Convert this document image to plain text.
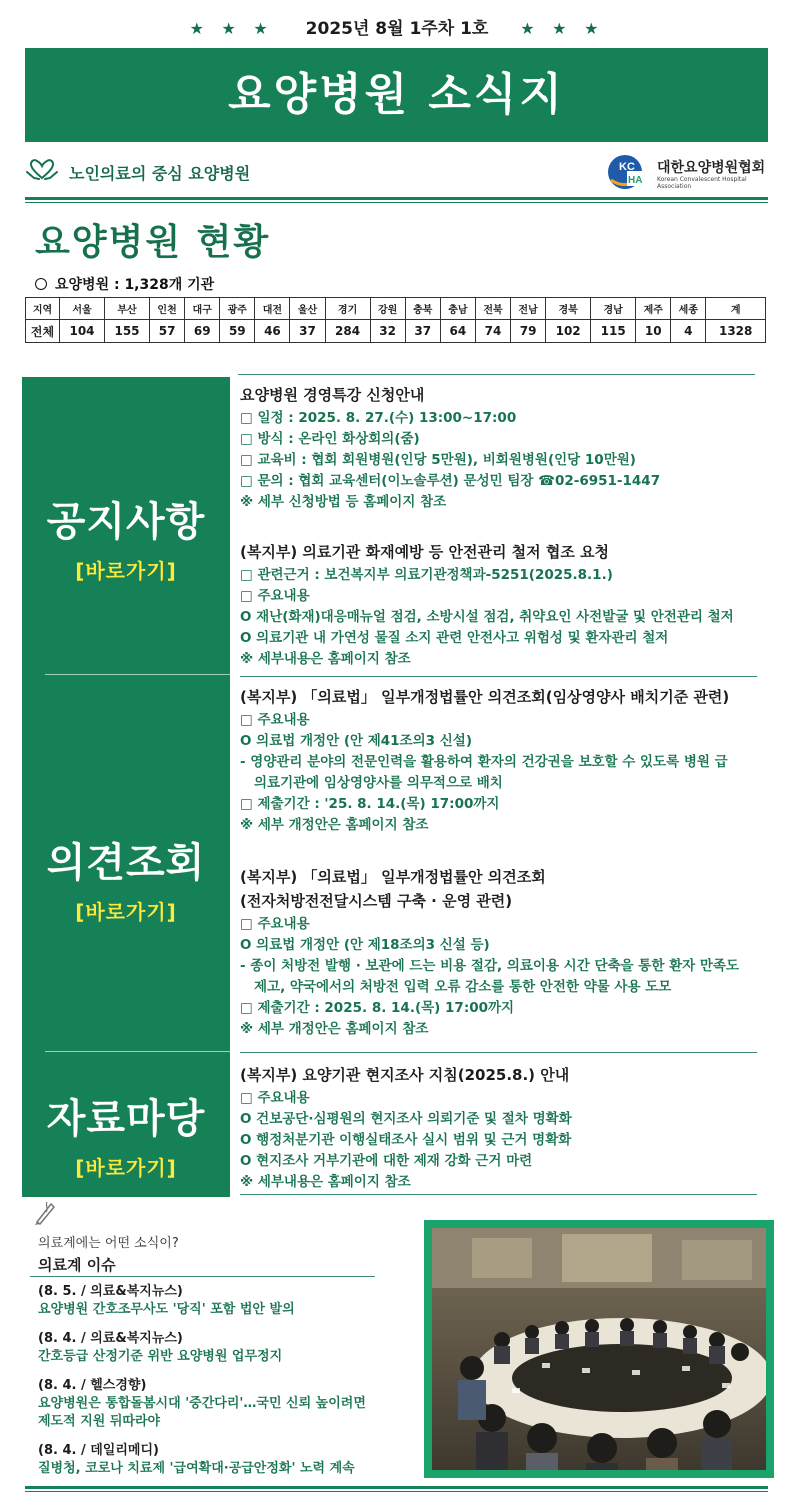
★ ★ ★ 2025년 8월 1주차 1호 ★ ★ ★
요양병원 소식지
노인의료의 중심 요양병원	KC
HA
대한요양병원협회
Korean Convalescent Hospital Association
요양병원 현황
요양병원 : 1,328개 기관
지역	서울	부산	인천	대구	광주	대전	울산	경기	강원	충북	충남	전북	전남	경북	경남	제주	세종	계
전체	104	155	57	69	59	46	37	284	32	37	64	74	79	102	115	10	4	1328
공지사항
[바로가기]
의견조회
[바로가기]
자료마당
[바로가기]
요양병원 경영특강 신청안내
□ 일정 : 2025. 8. 27.(수) 13:00~17:00
□ 방식 : 온라인 화상회의(줌)
□ 교육비 : 협회 회원병원(인당 5만원), 비회원병원(인당 10만원)
□ 문의 : 협회 교육센터(이노솔루션) 문성민 팀장 ☎02-6951-1447
※ 세부 신청방법 등 홈페이지 참조
(복지부) 의료기관 화재예방 등 안전관리 철저 협조 요청
□ 관련근거 : 보건복지부 의료기관정책과-5251(2025.8.1.)
□ 주요내용
O 재난(화재)대응매뉴얼 점검, 소방시설 점검, 취약요인 사전발굴 및 안전관리 철저
O 의료기관 내 가연성 물질 소지 관련 안전사고 위험성 및 환자관리 철저
※ 세부내용은 홈페이지 참조
(복지부) 「의료법」 일부개정법률안 의견조회(임상영양사 배치기준 관련)
□ 주요내용
O 의료법 개정안 (안 제41조의3 신설)
- 영양관리 분야의 전문인력을 활용하여 환자의 건강권을 보호할 수 있도록 병원 급
의료기관에 임상영양사를 의무적으로 배치
□ 제출기간 : '25. 8. 14.(목) 17:00까지
※ 세부 개정안은 홈페이지 참조
(복지부) 「의료법」 일부개정법률안 의견조회
(전자처방전전달시스템 구축 · 운영 관련)
□ 주요내용
O 의료법 개정안 (안 제18조의3 신설 등)
- 종이 처방전 발행 · 보관에 드는 비용 절감, 의료이용 시간 단축을 통한 환자 만족도
제고, 약국에서의 처방전 입력 오류 감소를 통한 안전한 약물 사용 도모
□ 제출기간 : 2025. 8. 14.(목) 17:00까지
※ 세부 개정안은 홈페이지 참조
(복지부) 요양기관 현지조사 지침(2025.8.) 안내
□ 주요내용
O 건보공단·심평원의 현지조사 의뢰기준 및 절차 명확화
O 행정처분기관 이행실태조사 실시 범위 및 근거 명확화
O 현지조사 거부기관에 대한 제재 강화 근거 마련
※ 세부내용은 홈페이지 참조
의료계에는 어떤 소식이?
의료계 이슈
(8. 5. / 의료&복지뉴스)
요양병원 간호조무사도 '당직' 포함 법안 발의
(8. 4. / 의료&복지뉴스)
간호등급 산정기준 위반 요양병원 업무정지
(8. 4. / 헬스경향)
요양병원은 통합돌봄시대 '중간다리'…국민 신뢰 높이려면
제도적 지원 뒤따라야
(8. 4. / 데일리메디)
질병청, 코로나 치료제 '급여확대·공급안정화' 노력 계속
